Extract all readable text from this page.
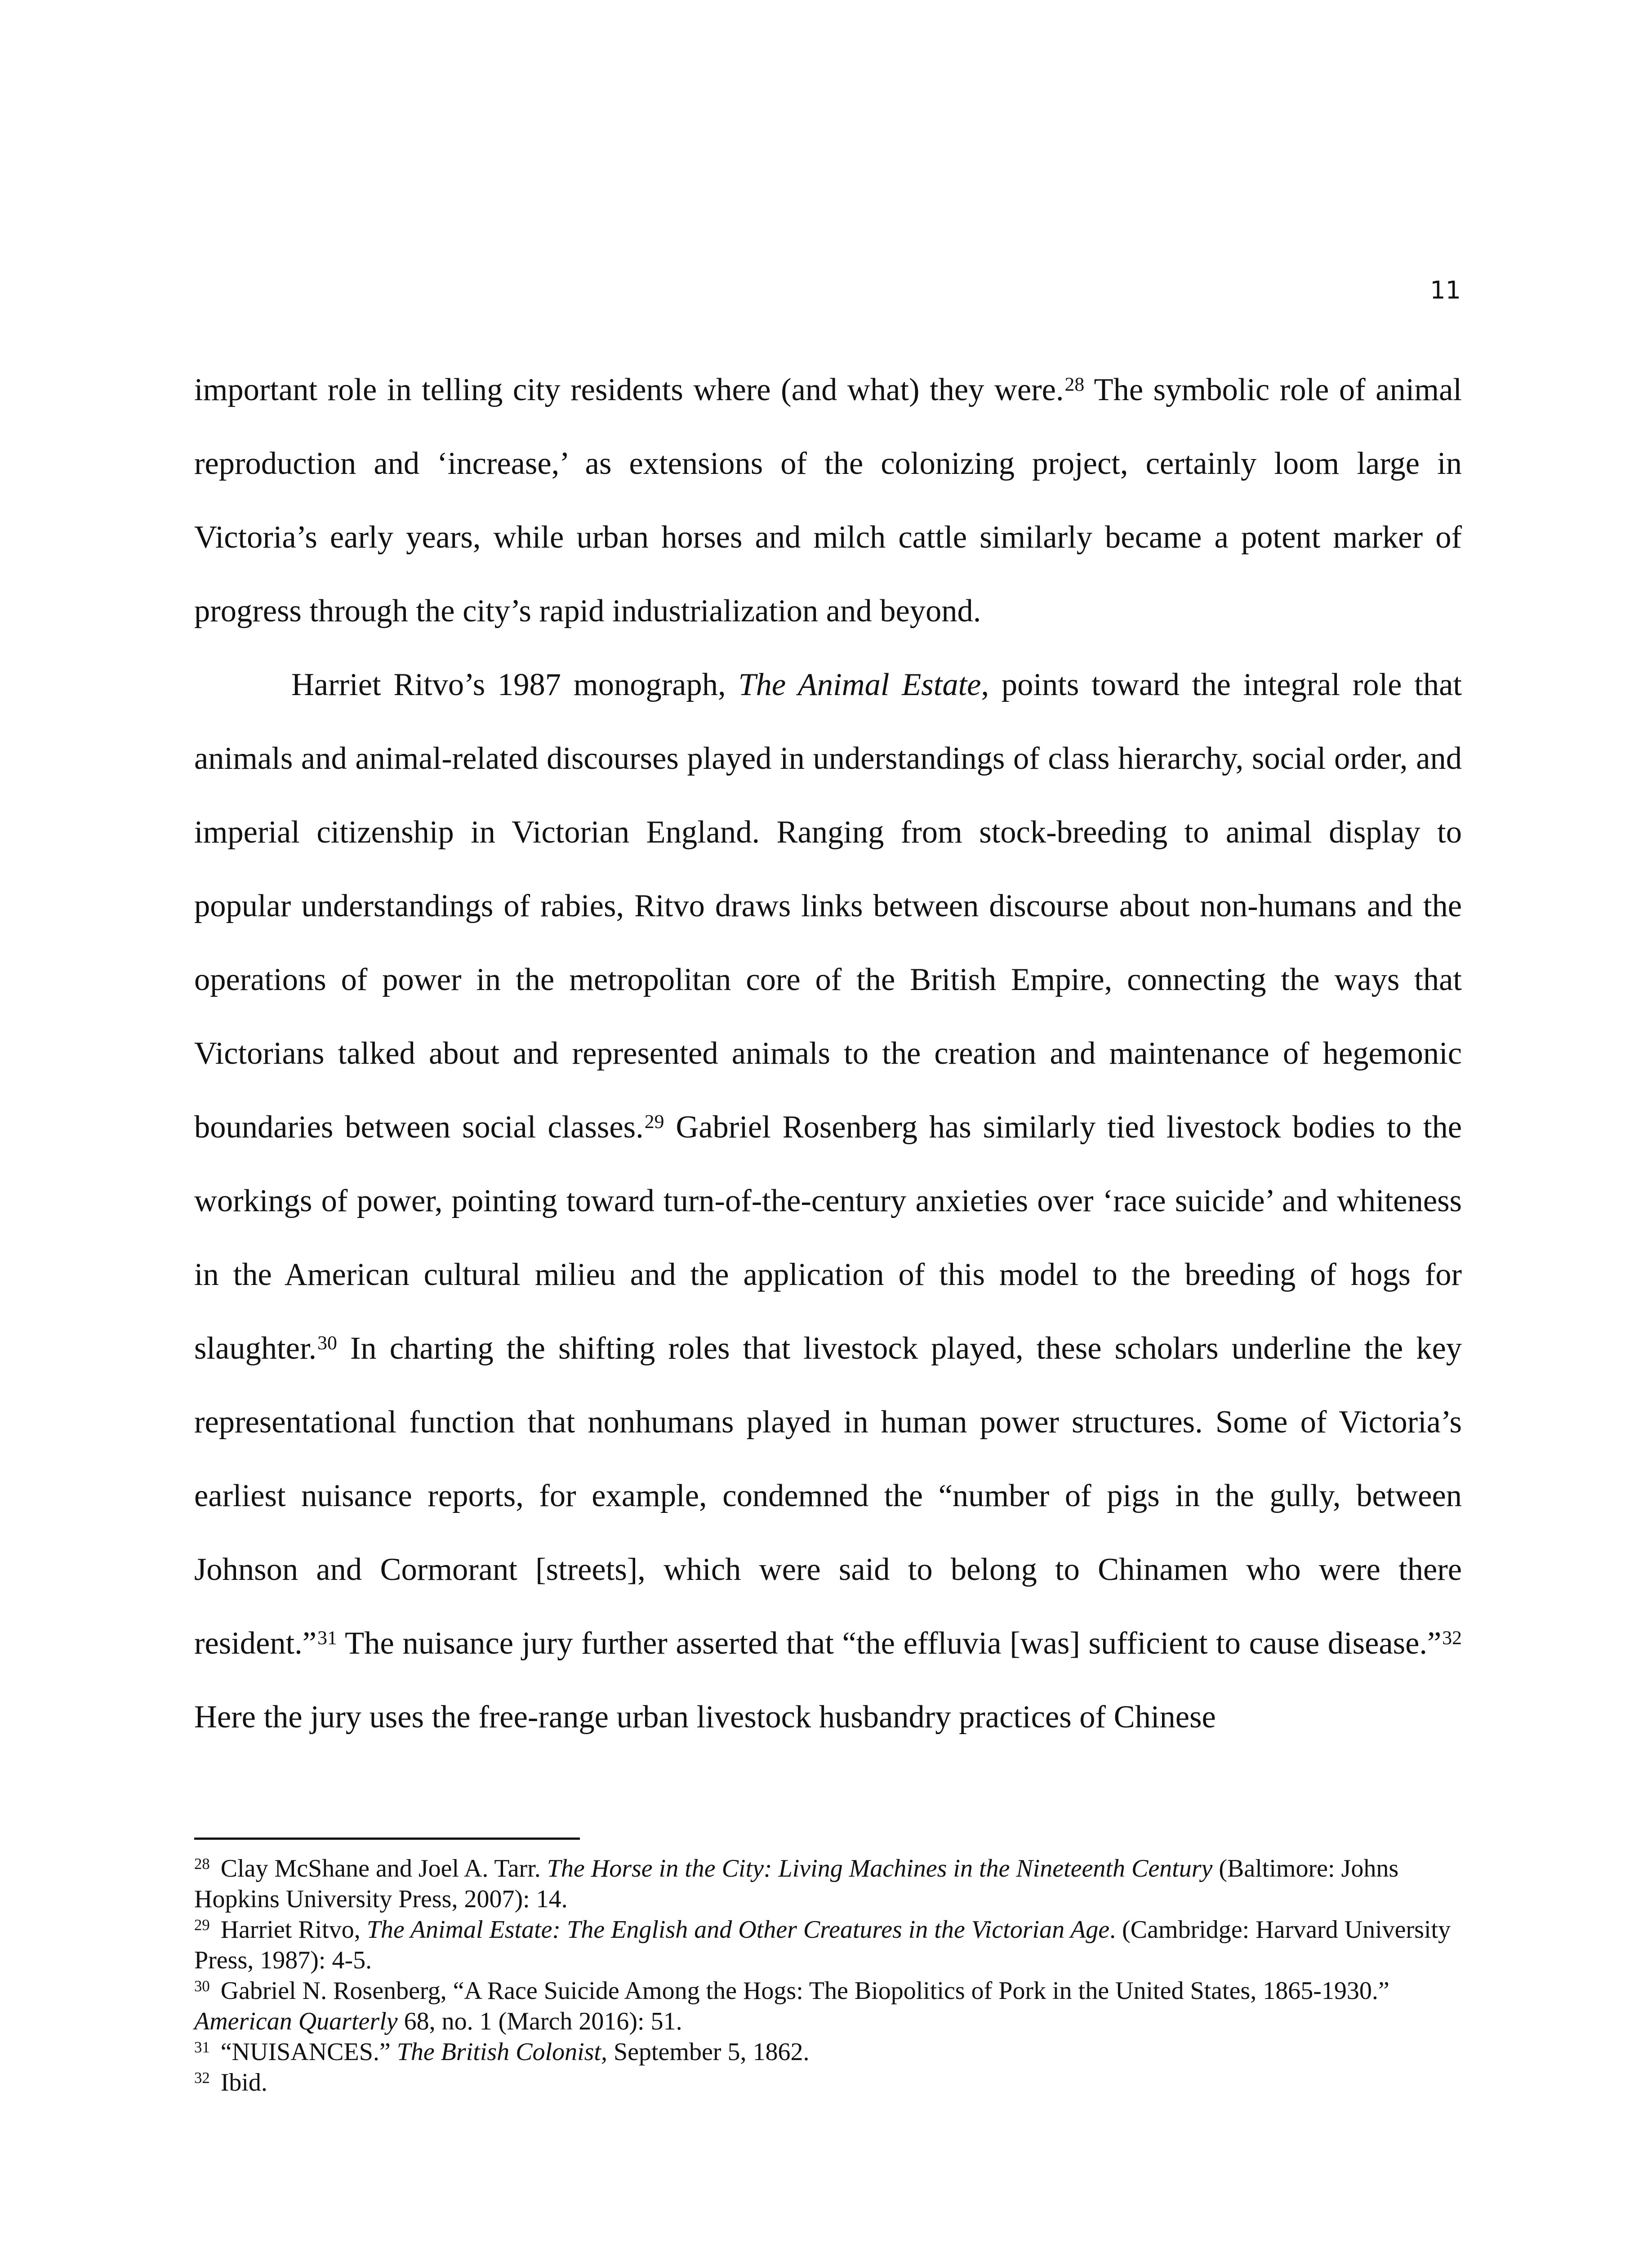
11

important role in telling city residents where (and what) they were.$^{28}$ The symbolic role of animal reproduction and ‘increase,’ as extensions of the colonizing project, certainly loom large in Victoria’s early years, while urban horses and milch cattle similarly became a potent marker of progress through the city’s rapid industrialization and beyond.

Harriet Ritvo’s 1987 monograph, The Animal Estate, points toward the integral role that animals and animal-related discourses played in understandings of class hierarchy, social order, and imperial citizenship in Victorian England. Ranging from stock-breeding to animal display to popular understandings of rabies, Ritvo draws links between discourse about non-humans and the operations of power in the metropolitan core of the British Empire, connecting the ways that Victorians talked about and represented animals to the creation and maintenance of hegemonic boundaries between social classes.$^{29}$ Gabriel Rosenberg has similarly tied livestock bodies to the workings of power, pointing toward turn-of-the-century anxieties over ‘race suicide’ and whiteness in the American cultural milieu and the application of this model to the breeding of hogs for slaughter.$^{30}$ In charting the shifting roles that livestock played, these scholars underline the key representational function that nonhumans played in human power structures. Some of Victoria’s earliest nuisance reports, for example, condemned the “number of pigs in the gully, between Johnson and Cormorant [streets], which were said to belong to Chinamen who were there resident.”$^{31}$ The nuisance jury further asserted that “the effluvia [was] sufficient to cause disease.”$^{32}$ Here the jury uses the free-range urban livestock husbandry practices of Chinese

$^{28}$ Clay McShane and Joel A. Tarr. The Horse in the City: Living Machines in the Nineteenth Century (Baltimore: Johns Hopkins University Press, 2007): 14.

$^{29}$ Harriet Ritvo, The Animal Estate: The English and Other Creatures in the Victorian Age. (Cambridge: Harvard University Press, 1987): 4-5.

$^{30}$ Gabriel N. Rosenberg, “A Race Suicide Among the Hogs: The Biopolitics of Pork in the United States, 1865-1930.” American Quarterly 68, no. 1 (March 2016): 51.

$^{31}$ “NUISANCES.” The British Colonist, September 5, 1862.

$^{32}$ Ibid.
